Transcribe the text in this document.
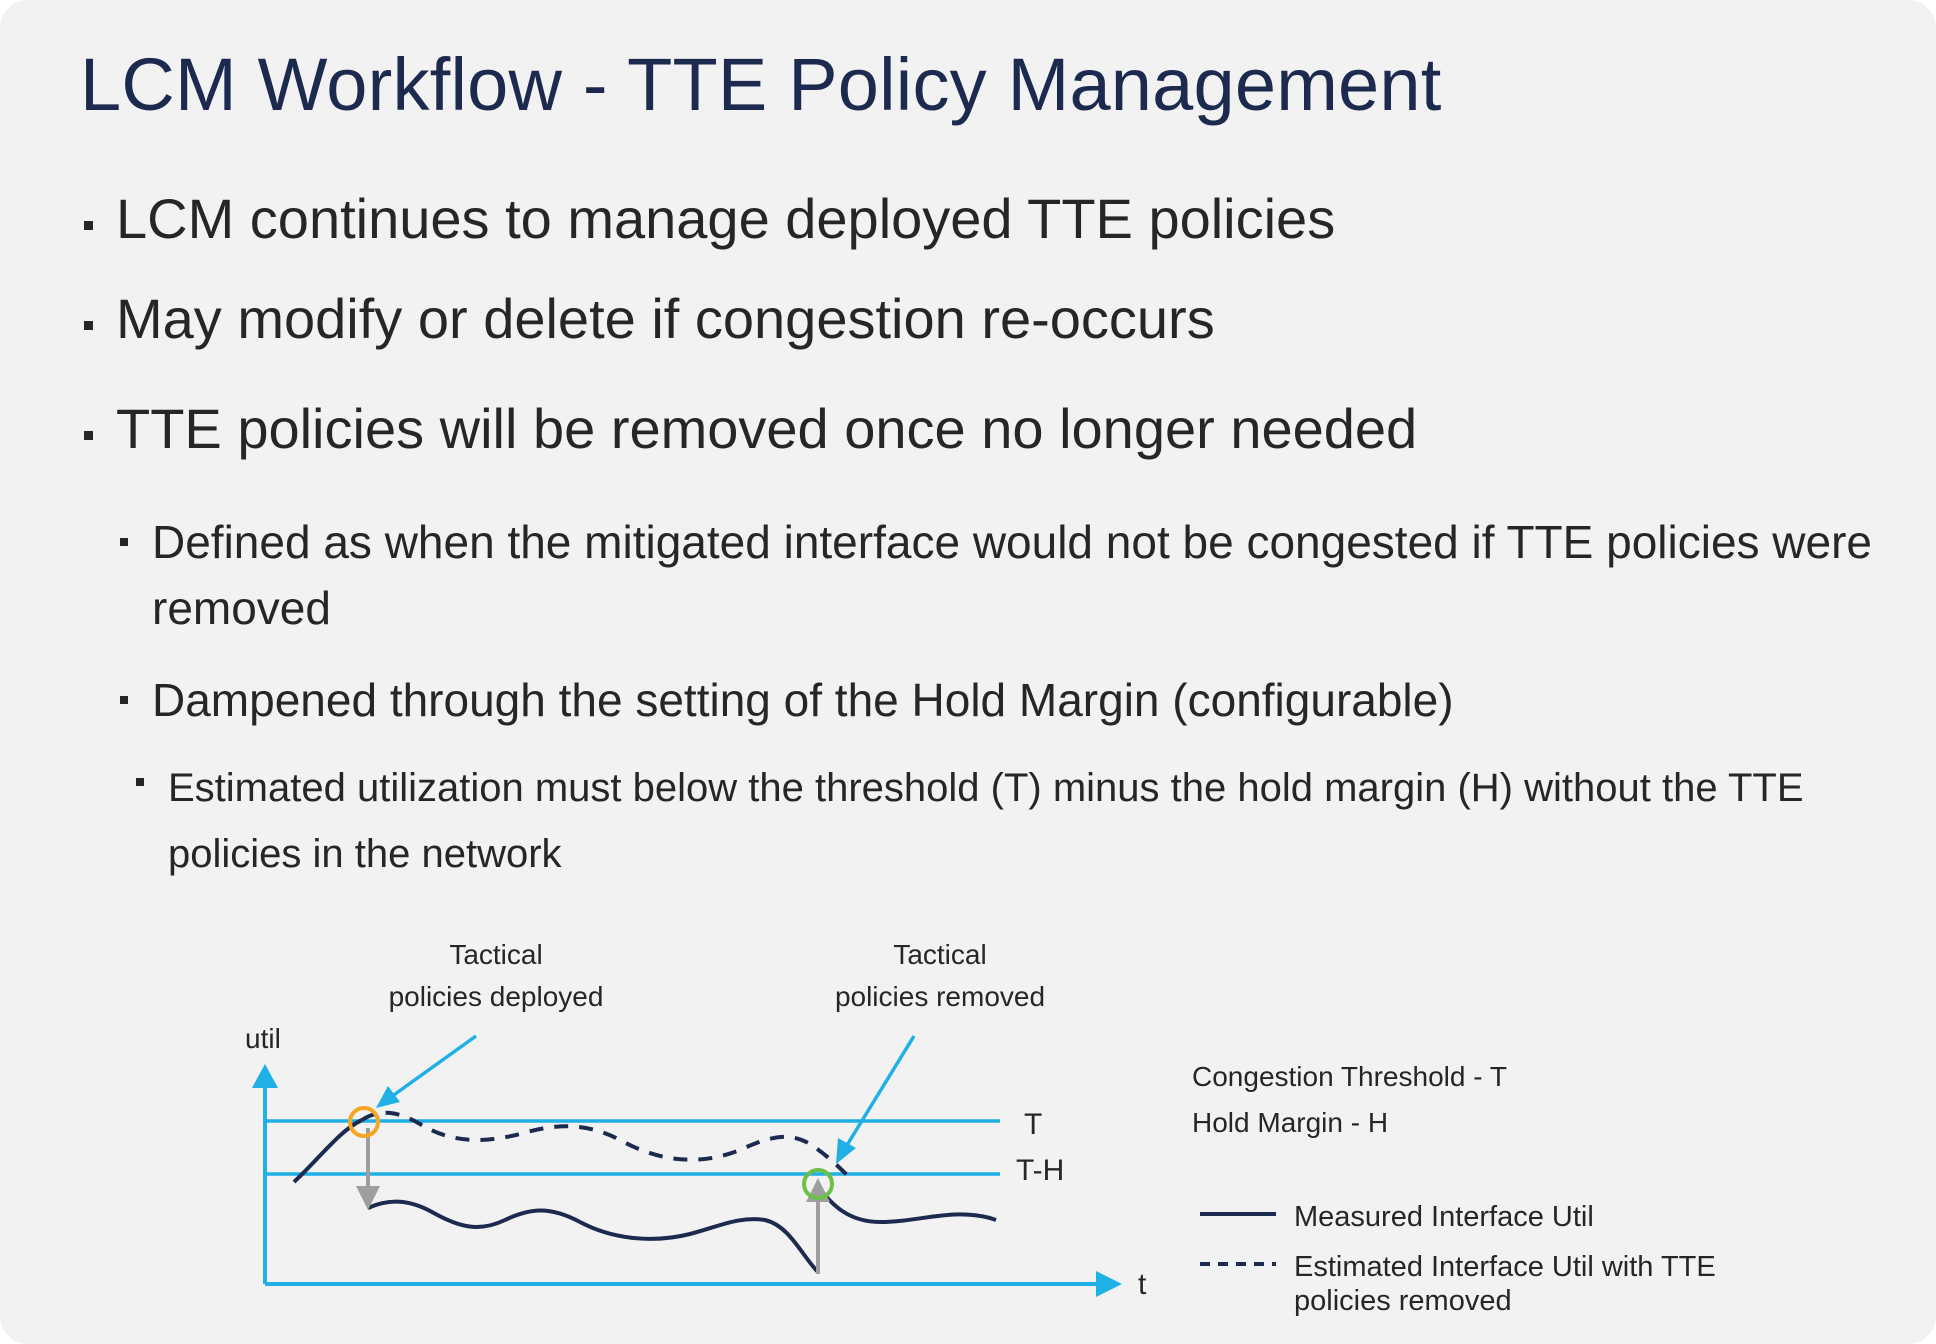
LCM Workflow - TTE Policy Management
LCM continues to manage deployed TTE policies
May modify or delete if congestion re-occurs
TTE policies will be removed once no longer needed
Defined as when the mitigated interface would not be congested if TTE policies were removed
Dampened through the setting of the Hold Margin (configurable)
Estimated utilization must below the threshold (T) minus the hold margin (H) without the TTE policies in the network
util
t
T
T-H
Tactical
policies deployed
Tactical
policies removed
Congestion Threshold - T
Hold Margin - H
Measured Interface Util
Estimated Interface Util with TTE
policies removed
